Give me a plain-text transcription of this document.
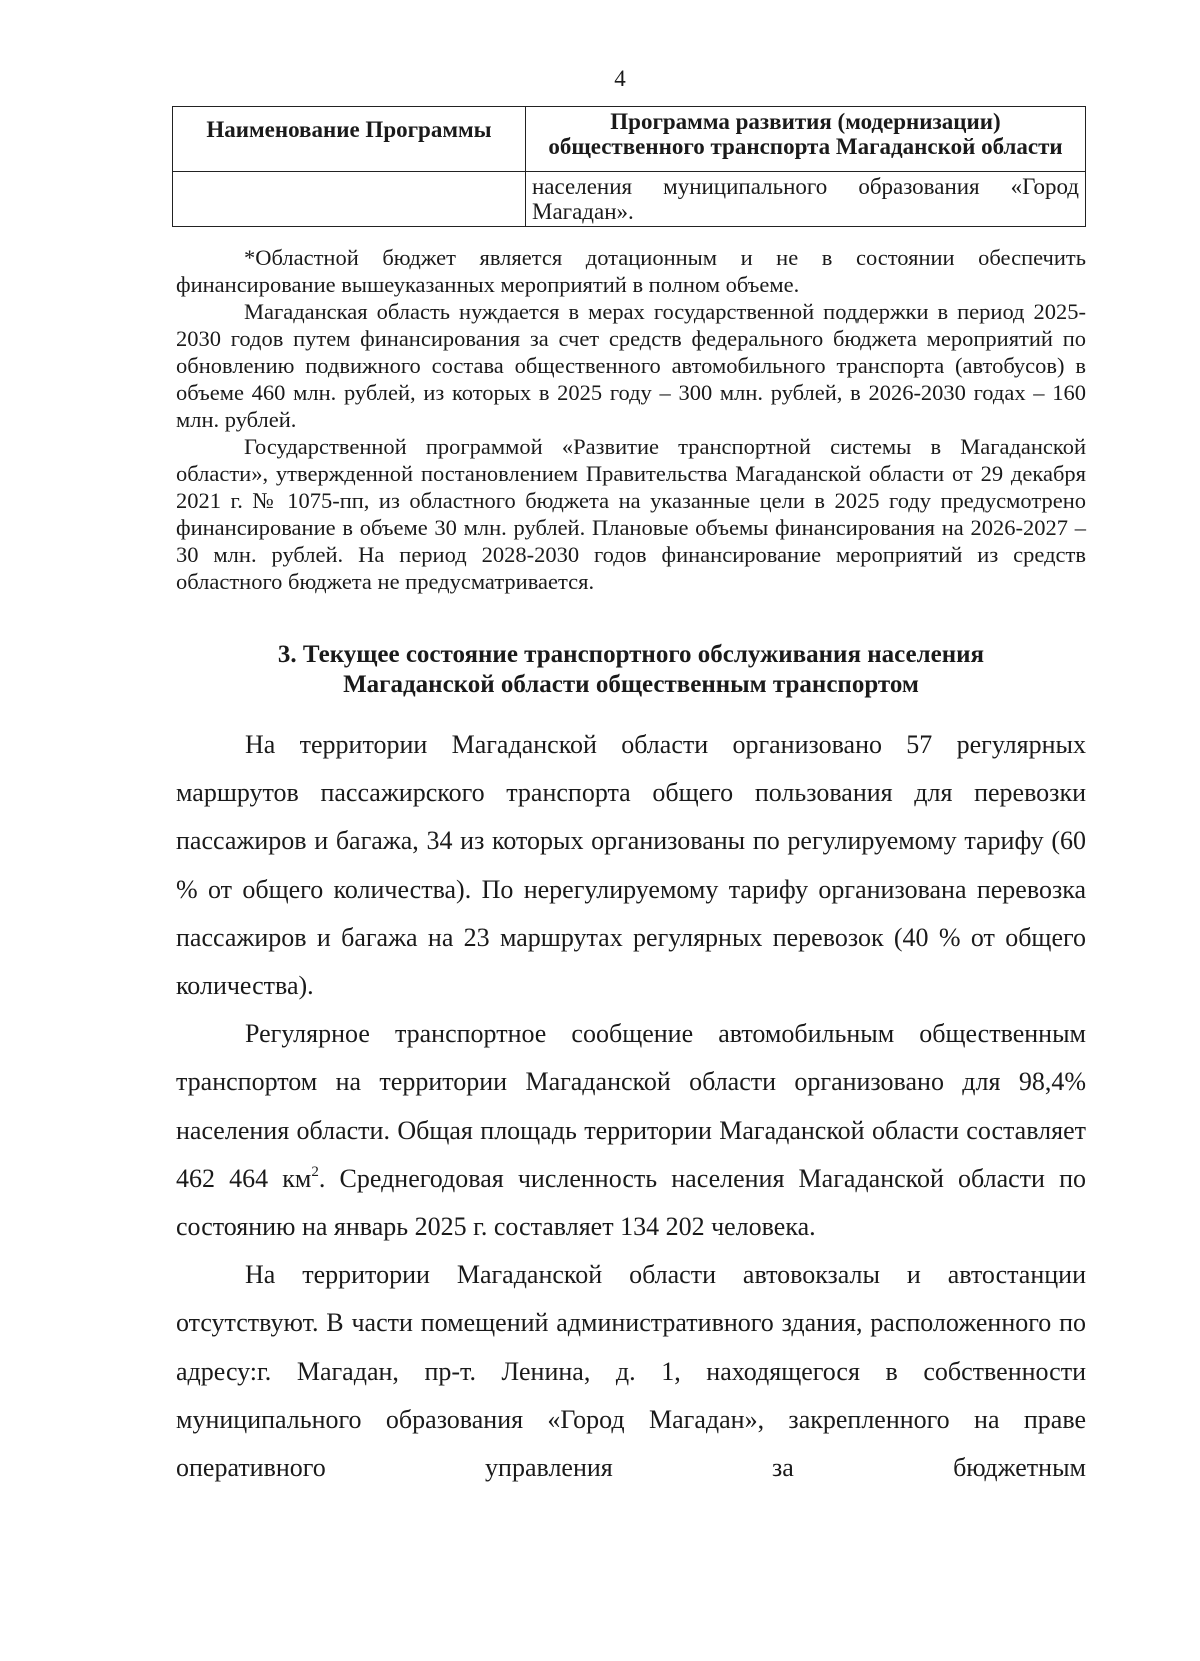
4
Наименование Программы	Программа развития (модернизации) общественного транспорта Магаданской области
	населения муниципального образования «Город Магадан».

*Областной бюджет является дотационным и не в состоянии обеспечить финансирование вышеуказанных мероприятий в полном объеме.

Магаданская область нуждается в мерах государственной поддержки в период 2025-2030 годов путем финансирования за счет средств федерального бюджета мероприятий по обновлению подвижного состава общественного автомобильного транспорта (автобусов) в объеме 460 млн. рублей, из которых в 2025 году – 300 млн. рублей, в 2026-2030 годах – 160 млн. рублей.

Государственной программой «Развитие транспортной системы в Магаданской области», утвержденной постановлением Правительства Магаданской области от 29 декабря 2021 г. № 1075-пп, из областного бюджета на указанные цели в 2025 году предусмотрено финансирование в объеме 30 млн. рублей. Плановые объемы финансирования на 2026-2027 – 30 млн. рублей. На период 2028-2030 годов финансирование мероприятий из средств областного бюджета не предусматривается.

3. Текущее состояние транспортного обслуживания населения
Магаданской области общественным транспортом

На территории Магаданской области организовано 57 регулярных маршрутов пассажирского транспорта общего пользования для перевозки пассажиров и багажа, 34 из которых организованы по регулируемому тарифу (60 % от общего количества). По нерегулируемому тарифу организована перевозка пассажиров и багажа на 23 маршрутах регулярных перевозок (40 % от общего количества).

Регулярное транспортное сообщение автомобильным общественным транспортом на территории Магаданской области организовано для 98,4% населения области. Общая площадь территории Магаданской области составляет 462 464 $км^2$. Среднегодовая численность населения Магаданской области по состоянию на январь 2025 г. составляет 134 202 человека.

На территории Магаданской области автовокзалы и автостанции отсутствуют. В части помещений административного здания, расположенного по адресу:г. Магадан, пр-т. Ленина, д. 1, находящегося в собственности муниципального образования «Город Магадан», закрепленного на праве оперативного управления за бюджетным
